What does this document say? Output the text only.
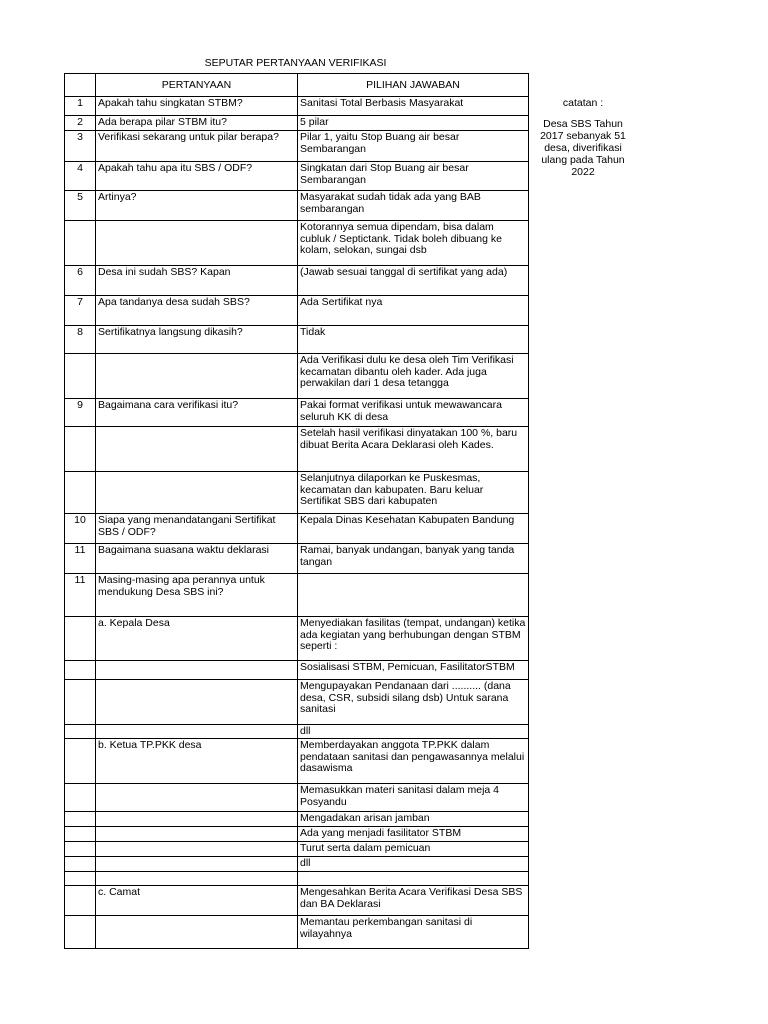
SEPUTAR PERTANYAAN VERIFIKASI
	PERTANYAAN	PILIHAN JAWABAN
1	Apakah tahu singkatan STBM?	Sanitasi Total Berbasis Masyarakat
2	Ada berapa pilar STBM itu?	5 pilar
3	Verifikasi sekarang untuk pilar berapa?	Pilar 1, yaitu Stop Buang air besar Sembarangan
4	Apakah tahu apa itu SBS / ODF?	Singkatan dari Stop Buang air besar Sembarangan
5	Artinya?	Masyarakat sudah tidak ada yang BAB sembarangan
		Kotorannya semua dipendam, bisa dalam cubluk / Septictank. Tidak boleh dibuang ke kolam, selokan, sungai dsb
6	Desa ini sudah SBS? Kapan	(Jawab sesuai tanggal di sertifikat yang ada)
7	Apa tandanya desa sudah SBS?	Ada Sertifikat nya
8	Sertifikatnya langsung dikasih?	Tidak
		Ada Verifikasi dulu ke desa oleh Tim Verifikasi kecamatan dibantu oleh kader. Ada juga perwakilan dari 1 desa tetangga
9	Bagaimana cara verifikasi itu?	Pakai format verifikasi untuk mewawancara seluruh KK di desa
		Setelah hasil verifikasi dinyatakan 100 %, baru dibuat Berita Acara Deklarasi oleh Kades.
		Selanjutnya dilaporkan ke Puskesmas, kecamatan dan kabupaten. Baru keluar Sertifikat SBS dari kabupaten
10	Siapa yang menandatangani Sertifikat SBS / ODF?	Kepala Dinas Kesehatan Kabupaten Bandung
11	Bagaimana suasana waktu deklarasi	Ramai, banyak undangan, banyak yang tanda tangan
11	Masing-masing apa perannya untuk mendukung Desa SBS ini?	
	a. Kepala Desa	Menyediakan fasilitas (tempat, undangan) ketika ada kegiatan yang berhubungan dengan STBM seperti :
		Sosialisasi STBM, Pemicuan, FasilitatorSTBM
		Mengupayakan Pendanaan dari .......... (dana desa, CSR, subsidi silang dsb) Untuk sarana sanitasi
		dll
	b. Ketua TP.PKK desa	Memberdayakan anggota TP.PKK dalam pendataan sanitasi dan pengawasannya melalui dasawisma
		Memasukkan materi sanitasi dalam meja 4 Posyandu
		Mengadakan arisan jamban
		Ada yang menjadi fasilitator STBM
		Turut serta dalam pemicuan
		dll

	c. Camat	Mengesahkan Berita Acara Verifikasi Desa SBS dan BA Deklarasi
		Memantau perkembangan sanitasi di wilayahnya
catatan :
Desa SBS Tahun 2017 sebanyak 51 desa, diverifikasi ulang pada Tahun 2022
